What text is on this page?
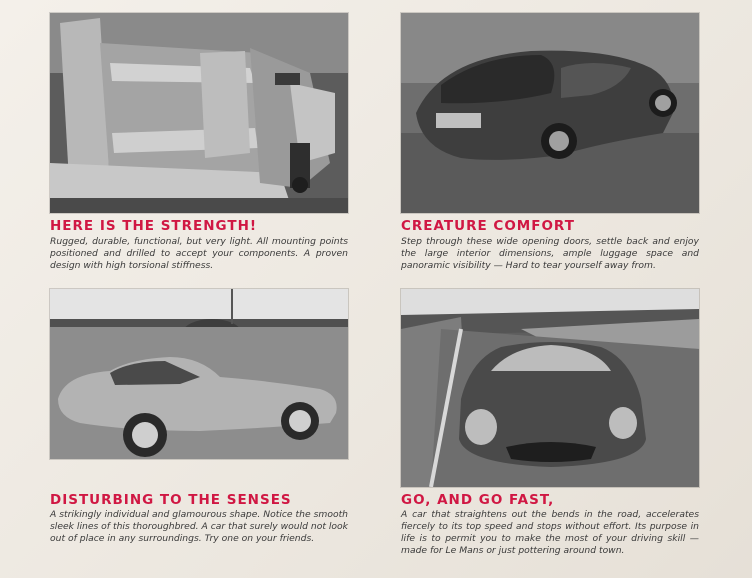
HERE IS THE STRENGTH!

Rugged, durable, functional, but very light. All mounting points positioned and drilled to accept your components. A proven design with high torsional stiffness.

CREATURE COMFORT

Step through these wide opening doors, settle back and enjoy the large interior dimensions, ample luggage space and panoramic visibility — Hard to tear yourself away from.

DISTURBING TO THE SENSES

A strikingly individual and glamourous shape. Notice the smooth sleek lines of this thoroughbred. A car that surely would not look out of place in any surroundings. Try one on your friends.

GO, AND GO FAST,

A car that straightens out the bends in the road, accelerates fiercely to its top speed and stops without effort. Its purpose in life is to permit you to make the most of your driving skill — made for Le Mans or just pottering around town.
